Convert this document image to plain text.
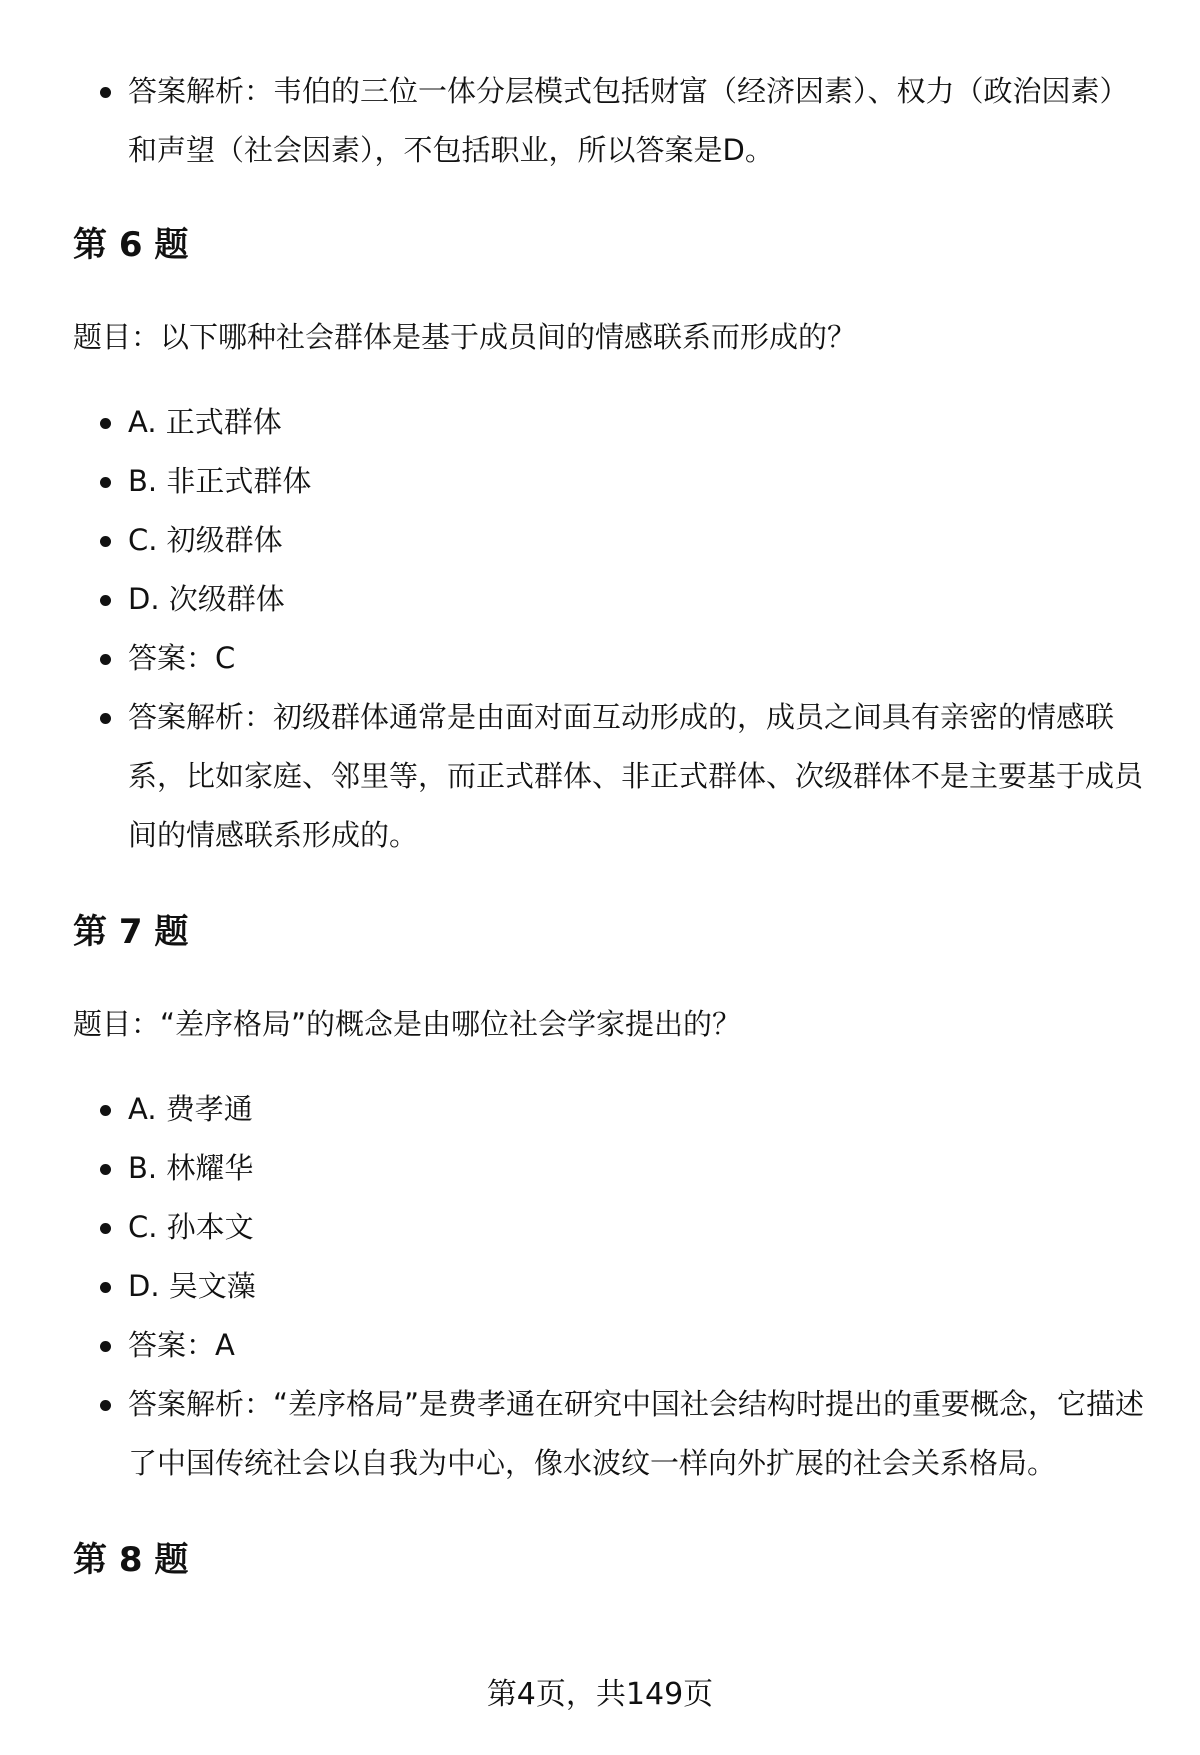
答案解析：韦伯的三位一体分层模式包括财富（经济因素）、权力（政治因素）和声望（社会因素），不包括职业，所以答案是D。
第 6 题

题目：以下哪种社会群体是基于成员间的情感联系而形成的？

A. 正式群体
B. 非正式群体
C. 初级群体
D. 次级群体
答案：C
答案解析：初级群体通常是由面对面互动形成的，成员之间具有亲密的情感联系，比如家庭、邻里等，而正式群体、非正式群体、次级群体不是主要基于成员间的情感联系形成的。
第 7 题

题目：“差序格局”的概念是由哪位社会学家提出的？

A. 费孝通
B. 林耀华
C. 孙本文
D. 吴文藻
答案：A
答案解析：“差序格局”是费孝通在研究中国社会结构时提出的重要概念，它描述了中国传统社会以自我为中心，像水波纹一样向外扩展的社会关系格局。
第 8 题
第4页，共149页
